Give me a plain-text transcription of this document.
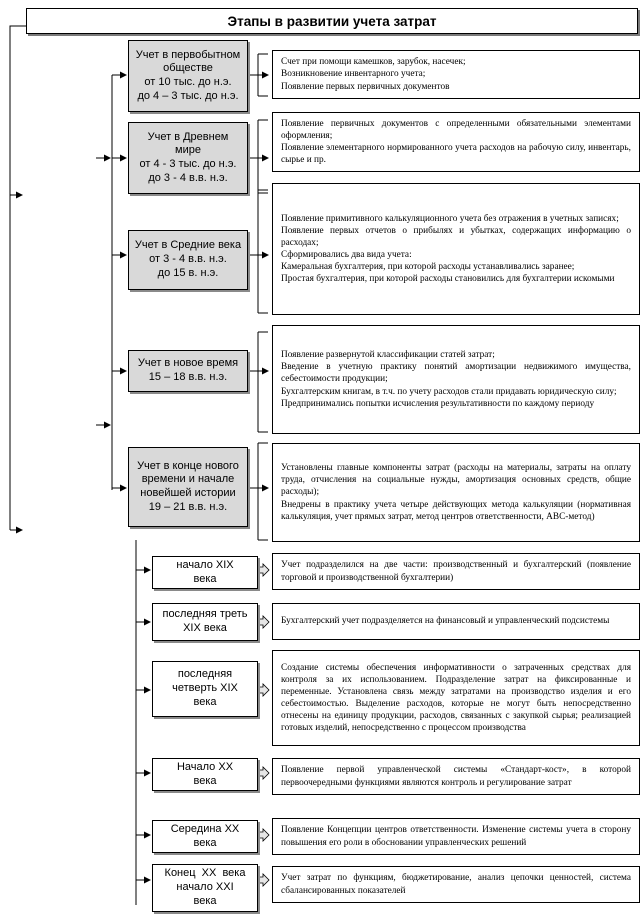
Этапы в развитии учета затрат
Учет в первобытном
обществе
от 10 тыс. до н.э.
до 4 – 3 тыс. до н.э.
Учет в Древнем
мире
от 4 - 3 тыс. до н.э.
до 3 - 4 в.в. н.э.
Учет в Средние века
от 3 - 4 в.в. н.э.
до 15 в. н.э.
Учет в новое время
15 – 18 в.в. н.э.
Учет в конце нового
времени и начале
новейшей истории
19 – 21 в.в. н.э.
Счет при помощи камешков, зарубок, насечек;
Возникновение инвентарного учета;
Появление первых первичных документов
Появление первичных документов с определенными обязательными элементами оформления;
Появление элементарного нормированного учета расходов на рабочую силу, инвентарь, сырье и пр.
Появление примитивного калькуляционного учета без отражения в учетных записях;
Появление первых отчетов о прибылях и убытках, содержащих информацию о расходах;
Сформировались два вида учета:
Камеральная бухгалтерия, при которой расходы устанавливались заранее;
Простая бухгалтерия, при которой расходы становились для бухгалтерии искомыми
Появление развернутой классификации статей затрат;
Введение в учетную практику понятий амортизации недвижимого имущества, себестоимости продукции;
Бухгалтерским книгам, в т.ч. по учету расходов стали придавать юридическую силу;
Предпринимались попытки исчисления результативности по каждому периоду
Установлены главные компоненты затрат (расходы на материалы, затраты на оплату труда, отчисления на социальные нужды, амортизация основных средств, общие расходы);
Внедрены в практику учета четыре действующих метода калькуляции (нормативная калькуляция, учет прямых затрат, метод центров ответственности, АВС-метод)
начало XIX
века
последняя треть
XIX века
последняя
четверть XIX
века
Начало XX
века
Середина XX
века
Конец  XX  века
начало XXI
века
Учет подразделился на две части: производственный и бухгалтерский (появление торговой и производственной бухгалтерии)
Бухгалтерский учет подразделяется на финансовый и управленческий подсистемы
Создание системы обеспечения информативности о затраченных средствах для контроля за их использованием. Подразделение затрат на фиксированные и переменные. Установлена связь между затратами на производство изделия и его себестоимостью. Выделение расходов, которые не могут быть непосредственно отнесены на единицу продукции, расходов, связанных с закупкой сырья; реализацией готовых изделий, непосредственно с процессом производства
Появление первой управленческой системы «Стандарт-кост», в которой первоочередными функциями являются контроль и регулирование затрат
Появление Концепции центров ответственности. Изменение системы учета в сторону повышения его роли в обосновании управленческих решений
Учет затрат по функциям, бюджетирование, анализ цепочки ценностей, система сбалансированных показателей
